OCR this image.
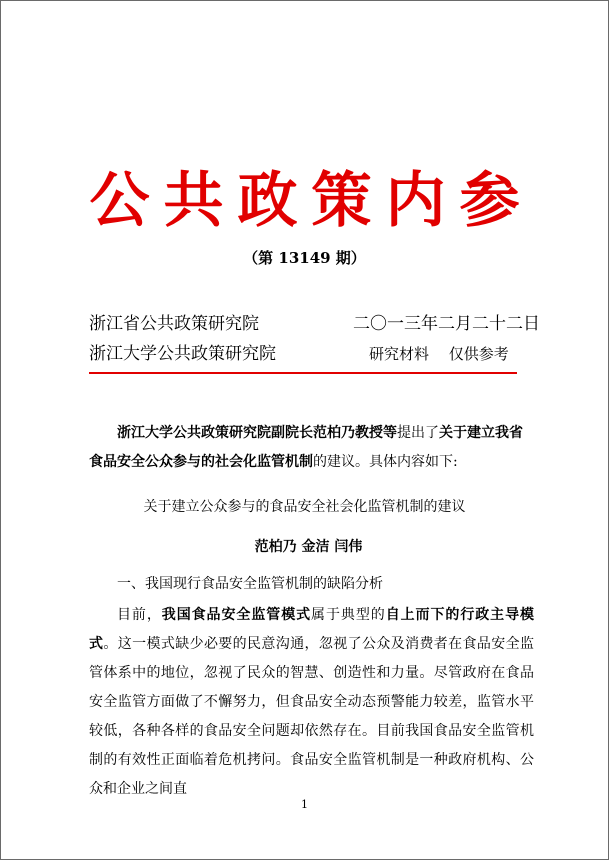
公共政策内参
（第 13149 期）
浙江省公共政策研究院	二〇一三年二月二十二日
浙江大学公共政策研究院	研究材料　 仅供参考
浙江大学公共政策研究院副院长范柏乃教授等提出了关于建立我省食品安全公众参与的社会化监管机制的建议。具体内容如下:
关于建立公众参与的食品安全社会化监管机制的建议
范柏乃 金洁 闫伟
一、我国现行食品安全监管机制的缺陷分析
目前，我国食品安全监管模式属于典型的自上而下的行政主导模式。这一模式缺少必要的民意沟通，忽视了公众及消费者在食品安全监管体系中的地位，忽视了民众的智慧、创造性和力量。尽管政府在食品安全监管方面做了不懈努力，但食品安全动态预警能力较差，监管水平较低，各种各样的食品安全问题却依然存在。目前我国食品安全监管机制的有效性正面临着危机拷问。食品安全监管机制是一种政府机构、公众和企业之间直
1
